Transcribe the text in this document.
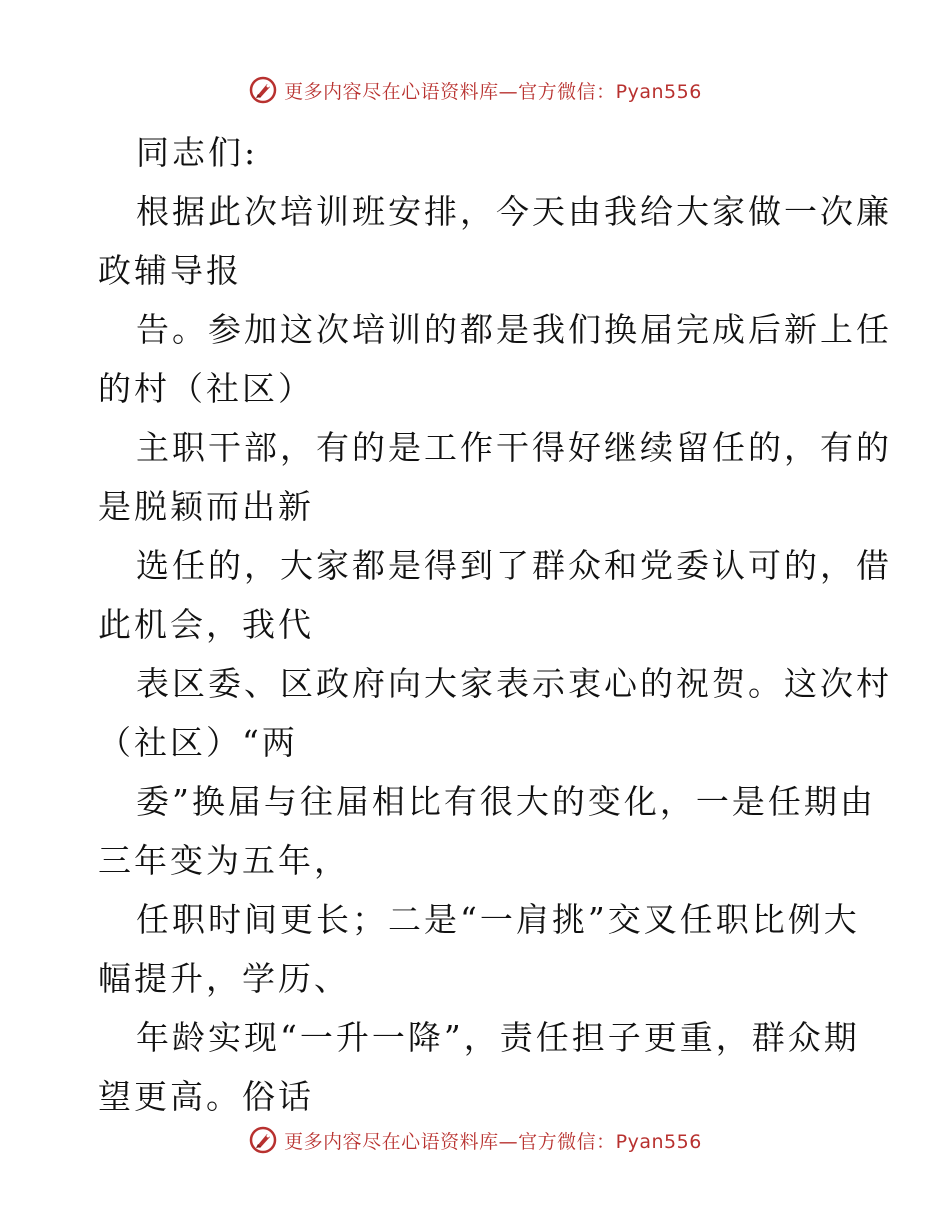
更多内容尽在心语资料库—官方微信：Pyan556

同志们:

根据此次培训班安排，今天由我给大家做一次廉

政辅导报

告。参加这次培训的都是我们换届完成后新上任

的村（社区）

主职干部，有的是工作干得好继续留任的，有的

是脱颖而出新

选任的，大家都是得到了群众和党委认可的，借

此机会，我代

表区委、区政府向大家表示衷心的祝贺。这次村

（社区）“两

委”换届与往届相比有很大的变化，一是任期由

三年变为五年，

任职时间更长；二是“一肩挑”交叉任职比例大

幅提升，学历、

年龄实现“一升一降”，责任担子更重，群众期

望更高。俗话

更多内容尽在心语资料库—官方微信：Pyan556
